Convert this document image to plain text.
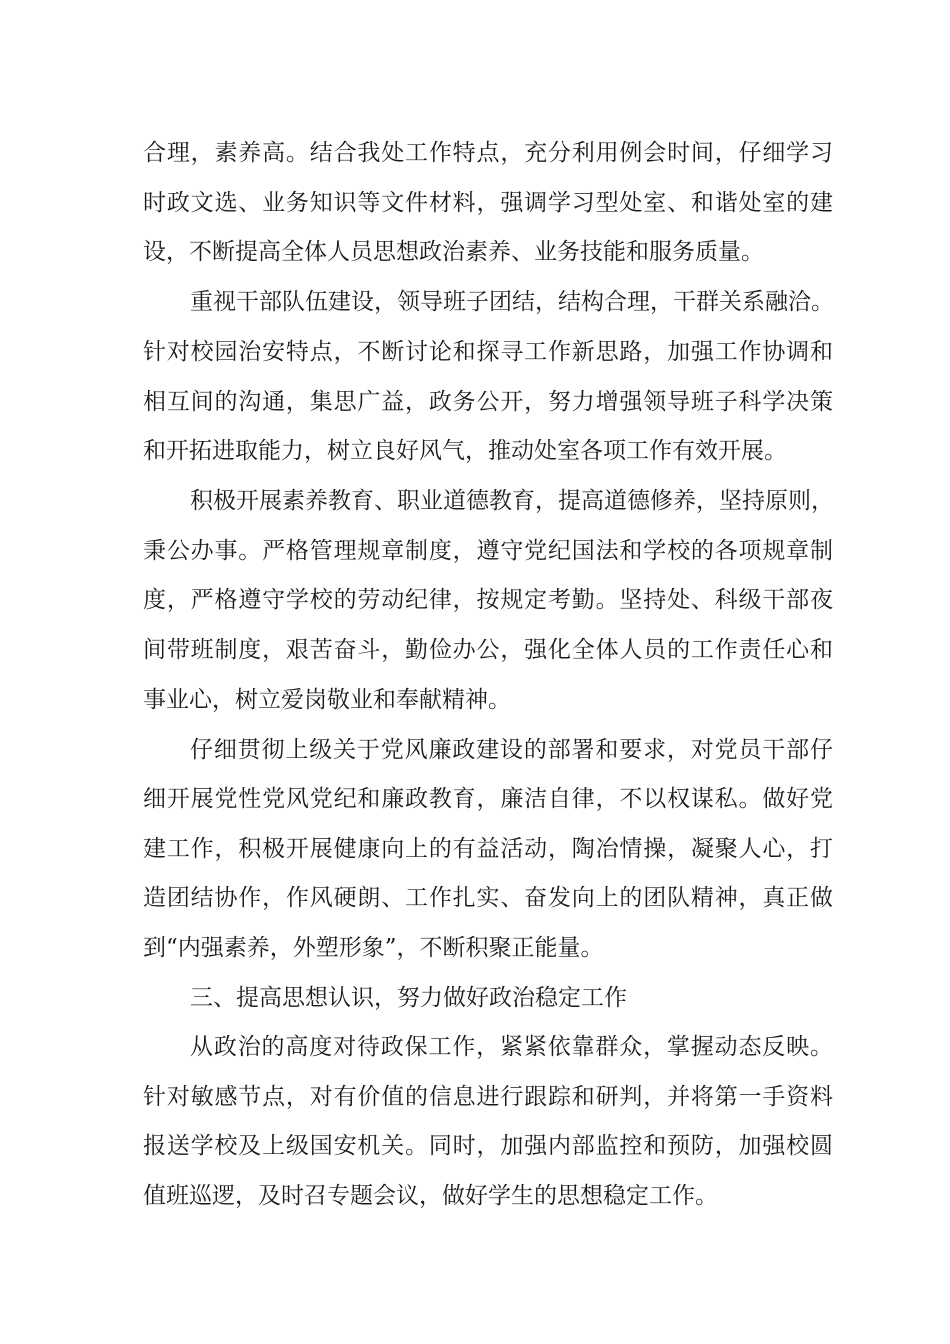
合理，素养高。结合我处工作特点，充分利用例会时间，仔细学习
时政文选、业务知识等文件材料，强调学习型处室、和谐处室的建
设，不断提高全体人员思想政治素养、业务技能和服务质量。
重视干部队伍建设，领导班子团结，结构合理，干群关系融洽。
针对校园治安特点，不断讨论和探寻工作新思路，加强工作协调和
相互间的沟通，集思广益，政务公开，努力增强领导班子科学决策
和开拓进取能力，树立良好风气，推动处室各项工作有效开展。
积极开展素养教育、职业道德教育，提高道德修养，坚持原则，
秉公办事。严格管理规章制度，遵守党纪国法和学校的各项规章制
度，严格遵守学校的劳动纪律，按规定考勤。坚持处、科级干部夜
间带班制度，艰苦奋斗，勤俭办公，强化全体人员的工作责任心和
事业心，树立爱岗敬业和奉献精神。
仔细贯彻上级关于党风廉政建设的部署和要求，对党员干部仔
细开展党性党风党纪和廉政教育，廉洁自律，不以权谋私。做好党
建工作，积极开展健康向上的有益活动，陶冶情操，凝聚人心，打
造团结协作，作风硬朗、工作扎实、奋发向上的团队精神，真正做
到“内强素养，外塑形象”，不断积聚正能量。
三、提高思想认识，努力做好政治稳定工作
从政治的高度对待政保工作，紧紧依靠群众，掌握动态反映。
针对敏感节点，对有价值的信息进行跟踪和研判，并将第一手资料
报送学校及上级国安机关。同时，加强内部监控和预防，加强校圆
值班巡逻，及时召专题会议，做好学生的思想稳定工作。
